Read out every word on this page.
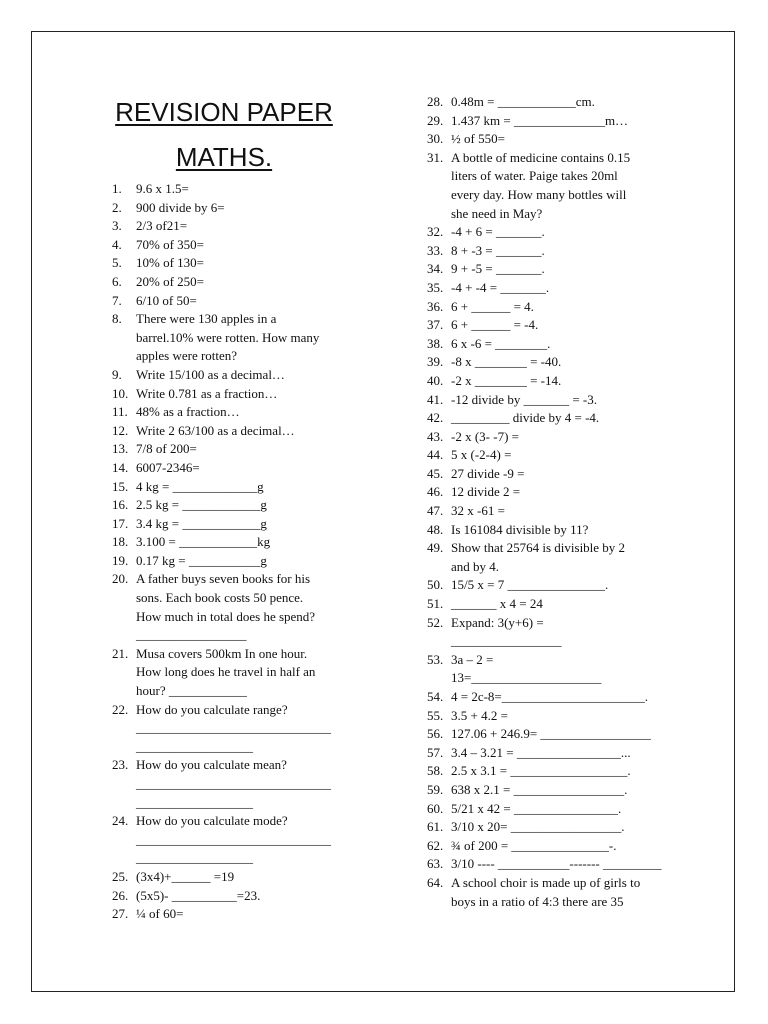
REVISION PAPER
MATHS.
1. 9.6 x 1.5=
2. 900 divide by 6=
3. 2/3 of21=
4. 70% of 350=
5. 10% of 130=
6. 20% of 250=
7. 6/10 of 50=
8. There were 130 apples in a
barrel.10% were rotten. How many
apples were rotten?
9. Write 15/100 as a decimal…
10. Write 0.781 as a fraction…
11. 48% as a fraction…
12. Write 2 63/100 as a decimal…
13. 7/8 of 200=
14. 6007-2346=
15. 4 kg = _____________g
16. 2.5 kg = ____________g
17. 3.4 kg = ____________g
18. 3.100 = ____________kg
19. 0.17 kg = ___________g
20. A father buys seven books for his
sons. Each book costs 50 pence.
How much in total does he spend?
_________________
21. Musa covers 500km In one hour.
How long does he travel in half an
hour? ____________
22. How do you calculate range?
______________________________
__________________

23. How do you calculate mean?
______________________________
__________________

24. How do you calculate mode?
______________________________
__________________
25. (3x4)+______ =19
26. (5x5)- __________=23.
27. ¼ of 60=
28. 0.48m = ____________cm.
29. 1.437 km = ______________m…
30. ½ of 550=
31. A bottle of medicine contains 0.15
liters of water. Paige takes 20ml
every day. How many bottles will
she need in May?
32. -4 + 6 = _______.
33. 8 + -3 = _______.
34. 9 + -5 = _______.
35. -4 + -4 = _______.
36. 6 + ______ = 4.
37. 6 + ______ = -4.
38. 6 x -6 = ________.
39. -8 x ________ = -40.
40. -2 x ________ = -14.
41. -12 divide by _______ = -3.
42. _________ divide by 4 = -4.
43. -2 x (3- -7) =
44. 5 x (-2-4) =
45. 27 divide -9 =
46. 12 divide 2 =
47. 32 x -61 =
48. Is 161084 divisible by 11?
49. Show that 25764 is divisible by 2
and by 4.
50. 15/5 x = 7 _______________.
51. _______ x 4 = 24
52. Expand: 3(y+6) =
_________________

53. 3a – 2 =
13=____________________
54. 4 = 2c-8=______________________.
55. 3.5 + 4.2 =
56. 127.06 + 246.9= _________________
57. 3.4 – 3.21 = ________________...
58. 2.5 x 3.1 = __________________.
59. 638 x 2.1 = _________________.
60. 5/21 x 42 = ________________.
61. 3/10 x 20= _________________.
62. ¾ of 200 = _______________-.
63. 3/10 ---- ___________------- _________
64. A school choir is made up of girls to
boys in a ratio of 4:3 there are 35
